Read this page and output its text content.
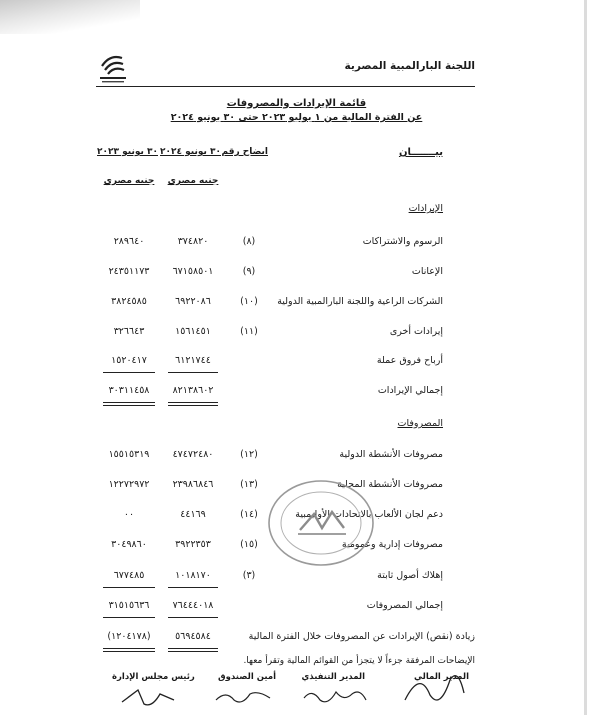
اللجنة البارالمبية المصرية
قائمة الإيرادات والمصروفات
عن الفترة المالية من ١ يوليو ٢٠٢٣ حتى ٣٠ يونيو ٢٠٢٤
بيـــــــان
ايضاح رقم
٣٠ يونيو ٢٠٢٤
٣٠ يونيو ٢٠٢٣
جنيه مصري
جنيه مصري
الإيرادات
الرسوم والاشتراكات
(٨)
٣٧٤٨٢٠
٢٨٩٦٤٠
الإعانات
(٩)
٦٧١٥٨٥٠١
٢٤٣٥١١٧٣
الشركات الراعية واللجنة البارالمبية الدولية
(١٠)
٦٩٢٢٠٨٦
٣٨٢٤٥٨٥
إيرادات أخرى
(١١)
١٥٦١٤٥١
٣٢٦٦٤٣
أرباح فروق عملة
٦١٢١٧٤٤
١٥٢٠٤١٧
إجمالي الإيرادات
٨٢١٣٨٦٠٢
٣٠٣١١٤٥٨
المصروفات
مصروفات الأنشطة الدولية
(١٢)
٤٧٤٧٢٤٨٠
١٥٥١٥٣١٩
مصروفات الأنشطة المحلية
(١٣)
٢٣٩٨٦٨٤٦
١٢٢٧٢٩٧٢
دعم لجان الألعاب بالاتحادات الأوليمبية
(١٤)
٤٤١٦٩
٠٠
مصروفات إدارية وعمومية
(١٥)
٣٩٢٢٣٥٣
٣٠٤٩٨٦٠
إهلاك أصول ثابتة
(٣)
١٠١٨١٧٠
٦٧٧٤٨٥
إجمالي المصروفات
٧٦٤٤٤٠١٨
٣١٥١٥٦٣٦
زيادة (نقص) الإيرادات عن المصروفات خلال الفترة المالية
٥٦٩٤٥٨٤
(١٢٠٤١٧٨)
الإيضاحات المرفقة جزءاً لا يتجزأ من القوائم المالية وتقرأ معها.
المدير المالي
المدير التنفيذي
أمين الصندوق
رئيس مجلس الإدارة
